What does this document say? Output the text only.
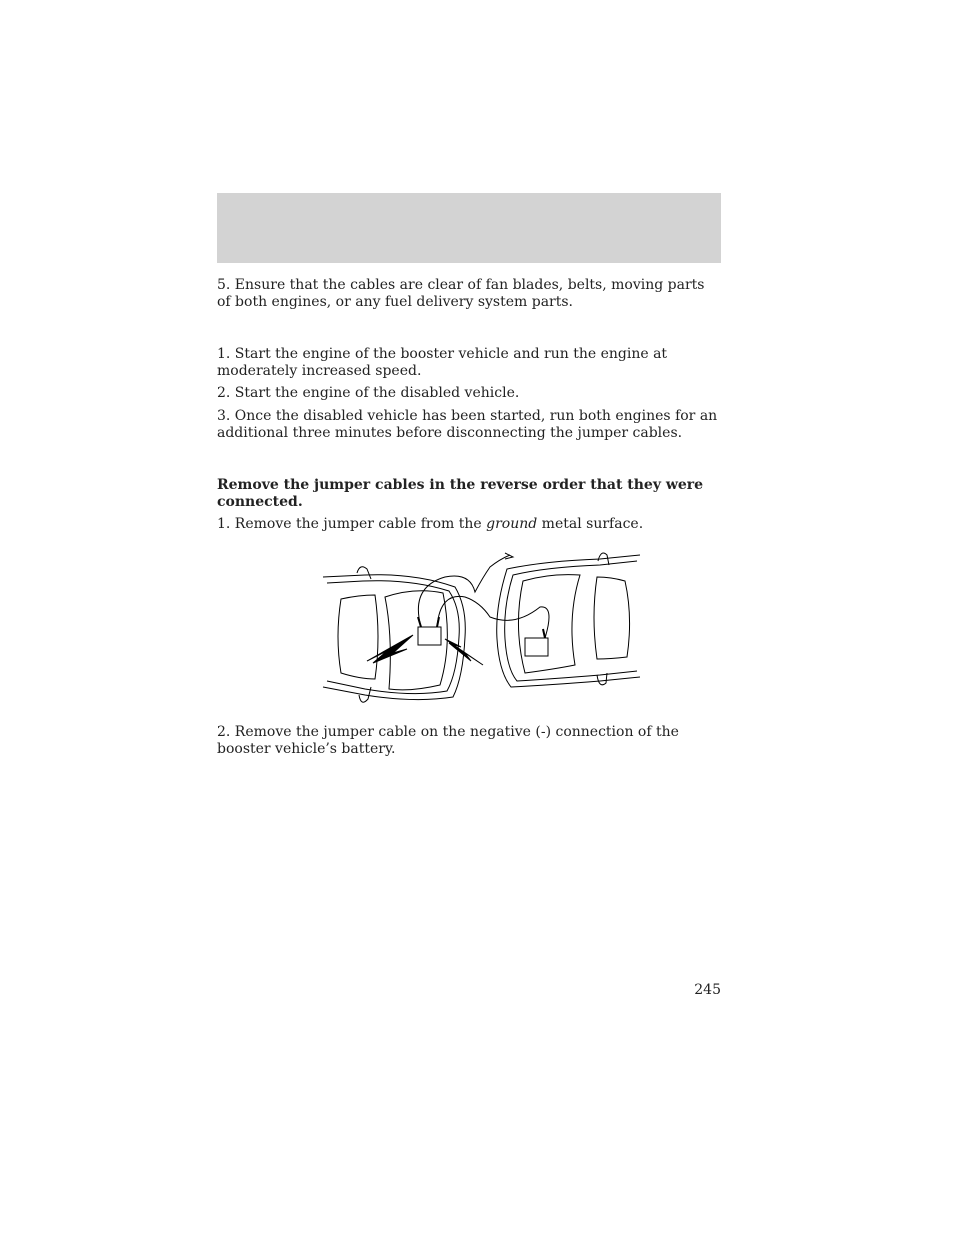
5. Ensure that the cables are clear of fan blades, belts, moving parts of both engines, or any fuel delivery system parts.

1. Start the engine of the booster vehicle and run the engine at moderately increased speed.

2. Start the engine of the disabled vehicle.

3. Once the disabled vehicle has been started, run both engines for an additional three minutes before disconnecting the jumper cables.

Remove the jumper cables in the reverse order that they were connected.

1. Remove the jumper cable from the ground metal surface.

2. Remove the jumper cable on the negative (-) connection of the booster vehicle’s battery.

245
